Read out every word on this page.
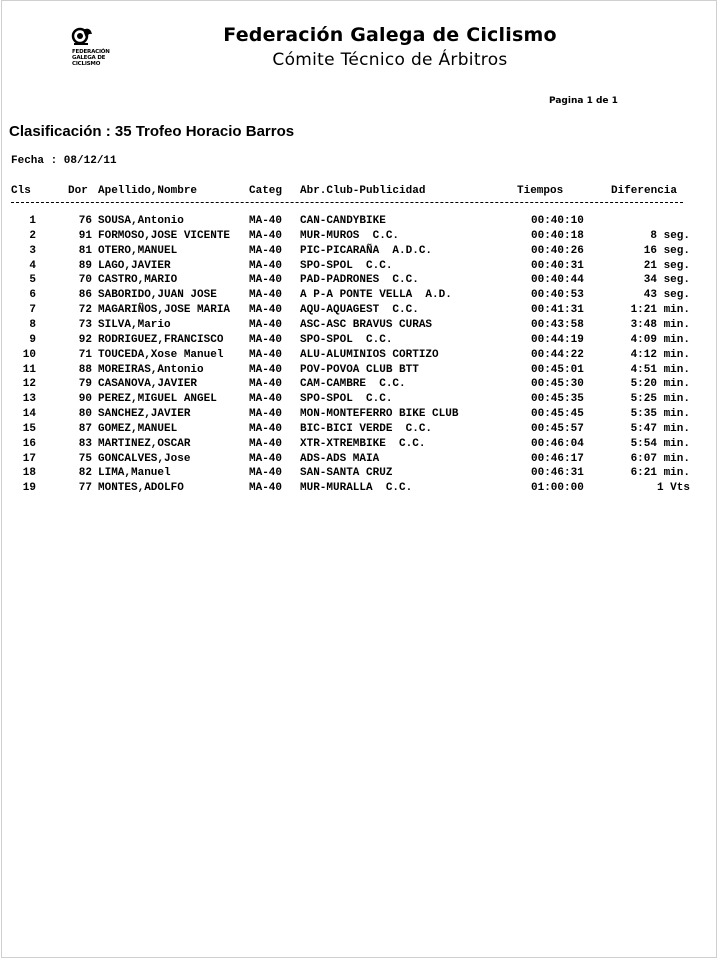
FEDERACIÓN GALEGA DE CICLISMO
Federación Galega de Ciclismo
Cómite Técnico de Árbitros
Pagina 1 de 1
Clasificación : 35 Trofeo Horacio Barros
Fecha : 08/12/11
Cls	Dor Apellido,Nombre	Categ Abr.Club-Publicidad	Tiempos	Diferencia
1	76 SOUSA,Antonio	MA-40 CAN-CANDYBIKE	00:40:10
2	91 FORMOSO,JOSE VICENTE MA-40 MUR-MUROS  C.C.	00:40:18	8 seg.
3	81 OTERO,MANUEL	MA-40 PIC-PICARAÑA  A.D.C.	00:40:26	16 seg.
4	89 LAGO,JAVIER	MA-40 SPO-SPOL  C.C.	00:40:31	21 seg.
5	70 CASTRO,MARIO	MA-40 PAD-PADRONES  C.C.	00:40:44	34 seg.
6	86 SABORIDO,JUAN JOSE	MA-40 A P-A PONTE VELLA  A.D.	00:40:53	43 seg.
7	72 MAGARIÑOS,JOSE MARIA MA-40 AQU-AQUAGEST  C.C.	00:41:31	1:21 min.
8	73 SILVA,Mario	MA-40 ASC-ASC BRAVUS CURAS	00:43:58	3:48 min.
9	92 RODRIGUEZ,FRANCISCO MA-40 SPO-SPOL  C.C.	00:44:19	4:09 min.
10	71 TOUCEDA,Xose Manuel MA-40 ALU-ALUMINIOS CORTIZO	00:44:22	4:12 min.
11	88 MOREIRAS,Antonio	MA-40 POV-POVOA CLUB BTT	00:45:01	4:51 min.
12	79 CASANOVA,JAVIER	MA-40 CAM-CAMBRE  C.C.	00:45:30	5:20 min.
13	90 PEREZ,MIGUEL ANGEL	MA-40 SPO-SPOL  C.C.	00:45:35	5:25 min.
14	80 SANCHEZ,JAVIER	MA-40 MON-MONTEFERRO BIKE CLUB	00:45:45	5:35 min.
15	87 GOMEZ,MANUEL	MA-40 BIC-BICI VERDE  C.C.	00:45:57	5:47 min.
16	83 MARTINEZ,OSCAR	MA-40 XTR-XTREMBIKE  C.C.	00:46:04	5:54 min.
17	75 GONCALVES,Jose	MA-40 ADS-ADS MAIA	00:46:17	6:07 min.
18	82 LIMA,Manuel	MA-40 SAN-SANTA CRUZ	00:46:31	6:21 min.
19	77 MONTES,ADOLFO	MA-40 MUR-MURALLA  C.C.	01:00:00	1 Vts
